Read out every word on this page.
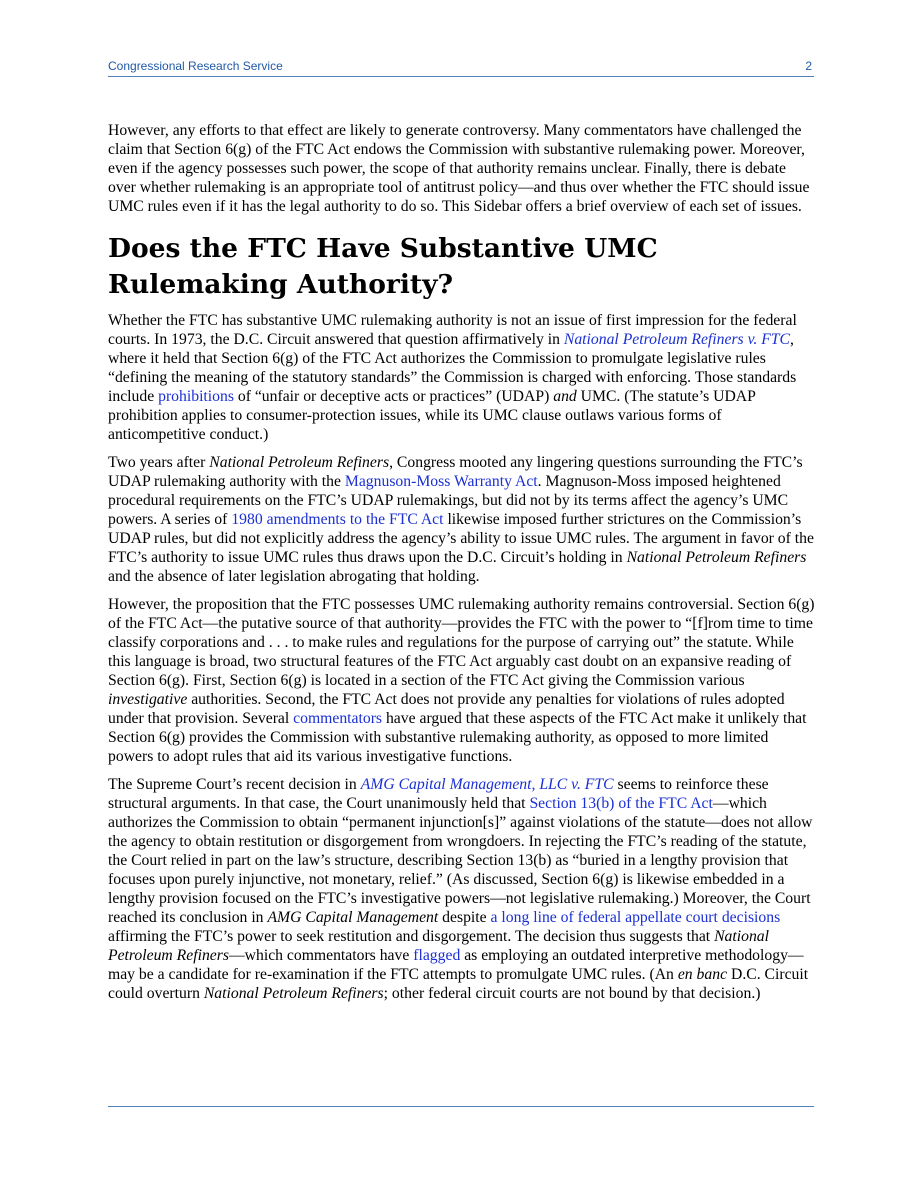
Congressional Research Service	2

However, any efforts to that effect are likely to generate controversy. Many commentators have challenged the claim that Section 6(g) of the FTC Act endows the Commission with substantive rulemaking power. Moreover, even if the agency possesses such power, the scope of that authority remains unclear. Finally, there is debate over whether rulemaking is an appropriate tool of antitrust policy—and thus over whether the FTC should issue UMC rules even if it has the legal authority to do so. This Sidebar offers a brief overview of each set of issues.

Does the FTC Have Substantive UMC Rulemaking Authority?

Whether the FTC has substantive UMC rulemaking authority is not an issue of first impression for the federal courts. In 1973, the D.C. Circuit answered that question affirmatively in National Petroleum Refiners v. FTC, where it held that Section 6(g) of the FTC Act authorizes the Commission to promulgate legislative rules “defining the meaning of the statutory standards” the Commission is charged with enforcing. Those standards include prohibitions of “unfair or deceptive acts or practices” (UDAP) and UMC. (The statute’s UDAP prohibition applies to consumer-protection issues, while its UMC clause outlaws various forms of anticompetitive conduct.)

Two years after National Petroleum Refiners, Congress mooted any lingering questions surrounding the FTC’s UDAP rulemaking authority with the Magnuson-Moss Warranty Act. Magnuson-Moss imposed heightened procedural requirements on the FTC’s UDAP rulemakings, but did not by its terms affect the agency’s UMC powers. A series of 1980 amendments to the FTC Act likewise imposed further strictures on the Commission’s UDAP rules, but did not explicitly address the agency’s ability to issue UMC rules. The argument in favor of the FTC’s authority to issue UMC rules thus draws upon the D.C. Circuit’s holding in National Petroleum Refiners and the absence of later legislation abrogating that holding.

However, the proposition that the FTC possesses UMC rulemaking authority remains controversial. Section 6(g) of the FTC Act—the putative source of that authority—provides the FTC with the power to “[f]rom time to time classify corporations and . . . to make rules and regulations for the purpose of carrying out” the statute. While this language is broad, two structural features of the FTC Act arguably cast doubt on an expansive reading of Section 6(g). First, Section 6(g) is located in a section of the FTC Act giving the Commission various investigative authorities. Second, the FTC Act does not provide any penalties for violations of rules adopted under that provision. Several commentators have argued that these aspects of the FTC Act make it unlikely that Section 6(g) provides the Commission with substantive rulemaking authority, as opposed to more limited powers to adopt rules that aid its various investigative functions.

The Supreme Court’s recent decision in AMG Capital Management, LLC v. FTC seems to reinforce these structural arguments. In that case, the Court unanimously held that Section 13(b) of the FTC Act—which authorizes the Commission to obtain “permanent injunction[s]” against violations of the statute—does not allow the agency to obtain restitution or disgorgement from wrongdoers. In rejecting the FTC’s reading of the statute, the Court relied in part on the law’s structure, describing Section 13(b) as “buried in a lengthy provision that focuses upon purely injunctive, not monetary, relief.” (As discussed, Section 6(g) is likewise embedded in a lengthy provision focused on the FTC’s investigative powers—not legislative rulemaking.) Moreover, the Court reached its conclusion in AMG Capital Management despite a long line of federal appellate court decisions affirming the FTC’s power to seek restitution and disgorgement. The decision thus suggests that National Petroleum Refiners—which commentators have flagged as employing an outdated interpretive methodology—may be a candidate for re-examination if the FTC attempts to promulgate UMC rules. (An en banc D.C. Circuit could overturn National Petroleum Refiners; other federal circuit courts are not bound by that decision.)
